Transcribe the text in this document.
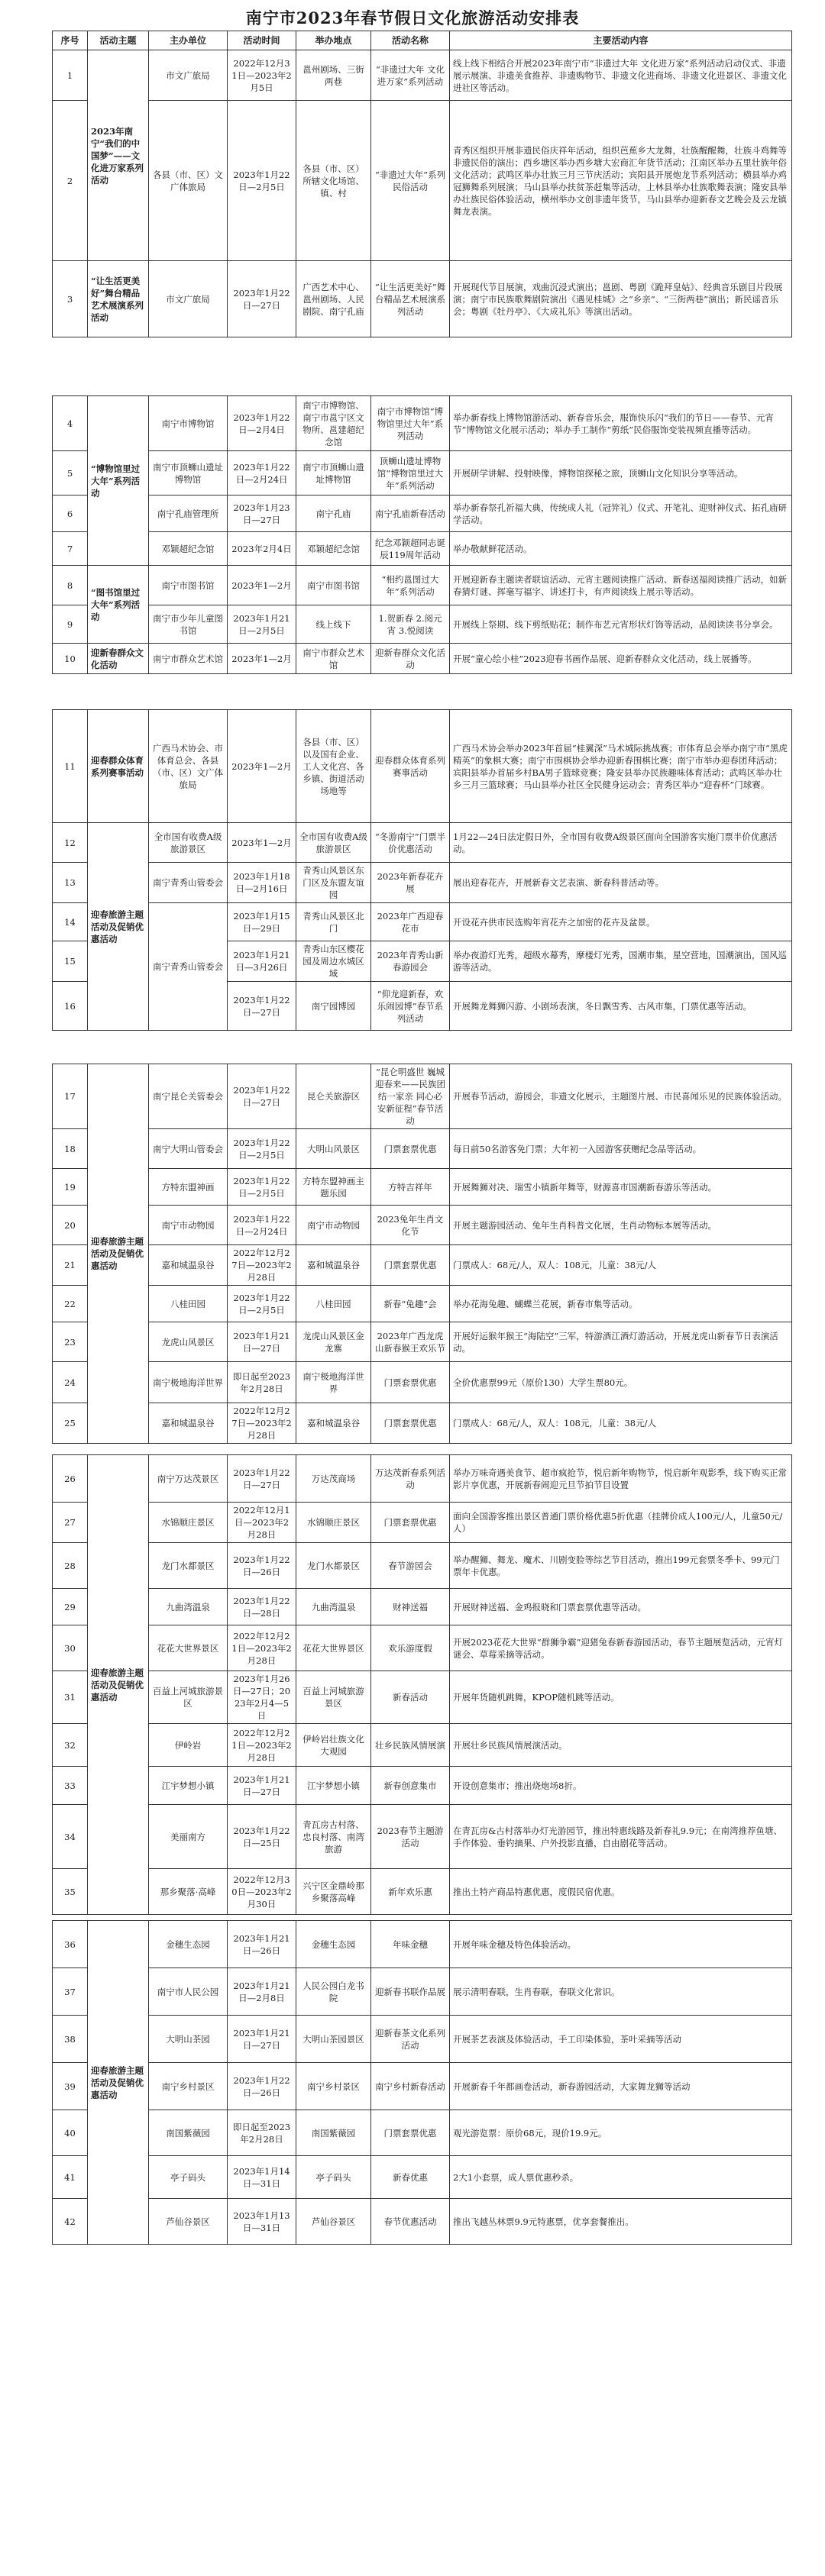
南宁市2023年春节假日文化旅游活动安排表
序号	活动主题	主办单位	活动时间	举办地点	活动名称	主要活动内容
1	2023年南宁“我们的中国梦”——文化进万家系列活动	市文广旅局	2022年12月31日—2023年2月5日	邕州剧场、三街两巷	“非遗过大年 文化进万家”系列活动	线上线下相结合开展2023年南宁市“非遗过大年 文化进万家”系列活动启动仪式、非遗展示展演、非遗美食推荐、非遗购物节、非遗文化进商场、非遗文化进景区、非遗文化进社区等活动。
2		各县（市、区）文广体旅局	2023年1月22日—2月5日	各县（市、区）所辖文化场馆、镇、村	“非遗过大年”系列民俗活动	青秀区组织开展非遗民俗庆祥年活动，组织芭蕉乡大龙舞，壮族醒醒舞，壮族斗鸡舞等非遗民俗的演出；西乡塘区举办西乡塘大宏商汇年货节活动；江南区举办五里壮族年俗文化活动；武鸣区举办壮族三月三节庆活动；宾阳县开展炮龙节系列活动；横县举办鸡冠狮舞系列展演；马山县举办扶贫茶赶集等活动，上林县举办壮族歌舞表演；隆安县举办壮族民俗体验活动，横州举办文创非遗年货节，马山县举办迎新春文艺晚会及云龙镇舞龙表演。
3	“让生活更美好”舞台精品艺术展演系列活动	市文广旅局	2023年1月22日—27日	广西艺术中心、邕州剧场、人民剧院、南宁孔庙	“让生活更美好”舞台精品艺术展演系列活动	开展现代节目展演，戏曲沉浸式演出；邕剧、粤剧《跪拜皇姑》、经典音乐剧目片段展演；南宁市民族歌舞剧院演出《遇见桂城》之“乡亲”、“三街两巷”演出；新民谣音乐会；粤剧《牡丹亭》、《大成礼乐》等演出活动。
4	“博物馆里过大年”系列活动	南宁市博物馆	2023年1月22日—2月4日	南宁市博物馆、南宁市邕宁区文物所、邕建超纪念馆	南宁市博物馆“博物馆里过大年”系列活动	举办新春线上博物馆游活动、新春音乐会，服饰快乐闪“我们的节日——春节、元宵节”博物馆文化展示活动；举办手工制作“剪纸”民俗服饰变装视频直播等活动。
5		南宁市顶蛳山遗址博物馆	2023年1月22日—2月24日	南宁市顶蛳山遗址博物馆	顶蛳山遗址博物馆“博物馆里过大年”系列活动	开展研学讲解、投射映像，博物馆探秘之旅，顶蛳山文化知识分享等活动。
6		南宁孔庙管理所	2023年1月23日—27日	南宁孔庙	南宁孔庙新春活动	举办新春祭孔祈福大典，传统成人礼（冠笄礼）仪式、开笔礼、迎财神仪式、拓孔庙研学活动。
7		邓颖超纪念馆	2023年2月4日	邓颖超纪念馆	纪念邓颖超同志诞辰119周年活动	举办敬献鲜花活动。
8	“图书馆里过大年”系列活动	南宁市图书馆	2023年1—2月	南宁市图书馆	“相约邕图过大年”系列活动	开展迎新春主题读者联谊活动、元宵主题阅读推广活动、新春送福阅读推广活动，如新春猜灯谜、挥毫写福字、讲述打卡，有声阅读线上展示等活动。
9		南宁市少年儿童图书馆	2023年1月21日—2月5日	线上线下	1.贺新春 2.阅元宵 3.悦阅读	开展线上祭期、线下剪纸贴花；制作布艺元宵形状灯饰等活动，品阅读读书分享会。
10	迎新春群众文化活动	南宁市群众艺术馆	2023年1—2月	南宁市群众艺术馆	迎新春群众文化活动	开展“童心绘小桂”2023迎春书画作品展、迎新春群众文化活动，线上展播等。
11	迎春群众体育系列赛事活动	广西马术协会、市体育总会、各县（市、区）文广体旅局	2023年1—2月	各县（市、区）以及国有企业、工人文化宫、各乡镇、街道活动场地等	迎春群众体育系列赛事活动	广西马术协会举办2023年首届“桂翼深”马术城际挑战赛；市体育总会举办南宁市“黑虎精英”的象棋大赛；南宁市围棋协会举办迎新春围棋比赛；南宁市举办迎春团拜活动；宾阳县举办首届乡村BA男子篮球竞赛；隆安县举办民族趣味体育活动；武鸣区举办壮乡三月三篮球赛；马山县举办社区全民健身运动会；青秀区举办“迎春杯”门球赛。
12	迎春旅游主题活动及促销优惠活动	全市国有收费A级旅游景区	2023年1—2月	全市国有收费A级旅游景区	“冬游南宁”门票半价优惠活动	1月22—24日法定假日外，全市国有收费A级景区面向全国游客实施门票半价优惠活动。
13		南宁青秀山管委会	2023年1月18日—2月16日	青秀山风景区东门区及东盟友谊园	2023年新春花卉展	展出迎春花卉，开展新春文艺表演、新春科普活动等。
14		南宁青秀山管委会	2023年1月15日—29日	青秀山风景区北门	2023年广西迎春花市	开设花卉供市民选购年宵花卉之加密的花卉及盆景。
15			2023年1月21日—3月26日	青秀山东区樱花园及周边水城区域	2023年青秀山新春游园会	举办夜游灯光秀，超级水幕秀，摩楼灯光秀，国潮市集，星空营地，国潮演出，国风巡游等活动。
16			2023年1月22日—27日	南宁园博园	“仰龙迎新春，欢乐闹园博”春节系列活动	开展舞龙舞狮闪游、小剧场表演，冬日飘雪秀、古风市集，门票优惠等活动。
17	迎春旅游主题活动及促销优惠活动	南宁昆仑关管委会	2023年1月22日—27日	昆仑关旅游区	“昆仑明盛世 巍城迎春来——民族团结一家亲 同心必安新征程”春节活动	开展春节活动，游园会，非遗文化展示，主题图片展、市民喜闻乐见的民族体验活动。
18		南宁大明山管委会	2023年1月22日—2月5日	大明山风景区	门票套票优惠	每日前50名游客免门票；大年初一入园游客获赠纪念品等活动。
19		方特东盟神画	2023年1月22日—2月5日	方特东盟神画主题乐园	方特吉祥年	开展舞狮对决、瑞雪小镇新年舞等，财源喜市国潮新春游乐等活动。
20		南宁市动物园	2023年1月22日—2月24日	南宁市动物园	2023兔年生肖文化节	开展主题游园活动、兔年生肖科普文化展，生肖动物标本展等活动。
21		嘉和城温泉谷	2022年12月27日—2023年2月28日	嘉和城温泉谷	门票套票优惠	门票成人：68元/人，双人：108元，儿童：38元/人
22		八桂田园	2023年1月22日—2月5日	八桂田园	新春“兔趣”会	举办花海兔趣、蝴蝶兰花展，新春市集等活动。
23		龙虎山风景区	2023年1月21日—27日	龙虎山风景区金龙寨	2023年广西龙虎山新春猴王欢乐节	开展好运猴年猴王“海陆空”三军，特游酒江酒灯游活动，开展龙虎山新春节日表演活动。
24		南宁极地海洋世界	即日起至2023年2月28日	南宁极地海洋世界	门票套票优惠	全价优惠票99元（原价130）大学生票80元。
25		嘉和城温泉谷	2022年12月27日—2023年2月28日	嘉和城温泉谷	门票套票优惠	门票成人：68元/人，双人：108元，儿童：38元/人
26	迎春旅游主题活动及促销优惠活动	南宁万达茂景区	2023年1月22日—27日	万达茂商场	万达茂新春系列活动	举办万味奇遇美食节、超市疯抢节，悦启新年购物节，悦启新年观影季，线下购买正常影片享优惠，开展新春闹迎元旦节拍节目设置
27		水锦顺庄景区	2022年12月1日—2023年2月28日	水锦顺庄景区	门票套票优惠	面向全国游客推出景区普通门票价格优惠5折优惠（挂牌价成人100元/人，儿童50元/人）
28		龙门水都景区	2023年1月22日—26日	龙门水都景区	春节游园会	举办醒狮、舞龙、魔术、川剧变脸等综艺节目活动，推出199元套票冬季卡、99元门票年卡优惠。
29		九曲湾温泉	2023年1月22日—28日	九曲湾温泉	财神送福	开展财神送福、金鸡报晓和门票套票优惠等活动。
30		花花大世界景区	2022年12月21日—2023年2月28日	花花大世界景区	欢乐游度假	开展2023花花大世界“群狮争霸”迎猪兔春新春游园活动，春节主题展览活动，元宵灯谜会、草莓采摘等活动。
31		百益上河城旅游景区	2023年1月26日—27日；2023年2月4—5日	百益上河城旅游景区	新春活动	开展年货随机跳舞，KPOP随机跳等活动。
32		伊岭岩	2022年12月21日—2023年2月28日	伊岭岩壮族文化大观园	壮乡民族风情展演	开展壮乡民族风情展演活动。
33		江宇梦想小镇	2023年1月21日—27日	江宇梦想小镇	新春创意集市	开设创意集市；推出烧炮场8折。
34		美丽南方	2023年1月22日—25日	青瓦房古村落、忠良村落、南湾旅游	2023春节主题游活动	在青瓦房&古村落举办灯光游园节，推出特惠线路及新春礼9.9元；在南湾推荐鱼塘、手作体验、垂钓摘果、户外投影直播，自由剧花等活动。
35		那乡聚落·高峰	2022年12月30日—2023年2月30日	兴宁区金鼎岭那乡聚落高峰	新年欢乐惠	推出土特产商品特惠优惠，度假民宿优惠。
36	迎春旅游主题活动及促销优惠活动	金穗生态园	2023年1月21日—26日	金穗生态园	年味金穗	开展年味金穗及特色体验活动。
37		南宁市人民公园	2023年1月21日—2月8日	人民公园白龙书院	迎新春书联作品展	展示清明春联，生肖春联，春联文化常识。
38		大明山茶园	2023年1月21日—27日	大明山茶园景区	迎新春茶文化系列活动	开展茶艺表演及体验活动，手工印染体验，茶叶采摘等活动
39		南宁乡村景区	2023年1月22日—26日	南宁乡村景区	南宁乡村新春活动	开展新春千年都画卷活动，新春游园活动，大家舞龙狮等活动
40		南国紫薇园	即日起至2023年2月28日	南国紫薇园	门票套票优惠	观光游览票：原价68元，现价19.9元。
41		亭子码头	2023年1月14日—31日	亭子码头	新春优惠	2大1小套票，成人票优惠秒杀。
42		芦仙谷景区	2023年1月13日—31日	芦仙谷景区	春节优惠活动	推出飞越丛林票9.9元特惠票，优享套餐推出。
